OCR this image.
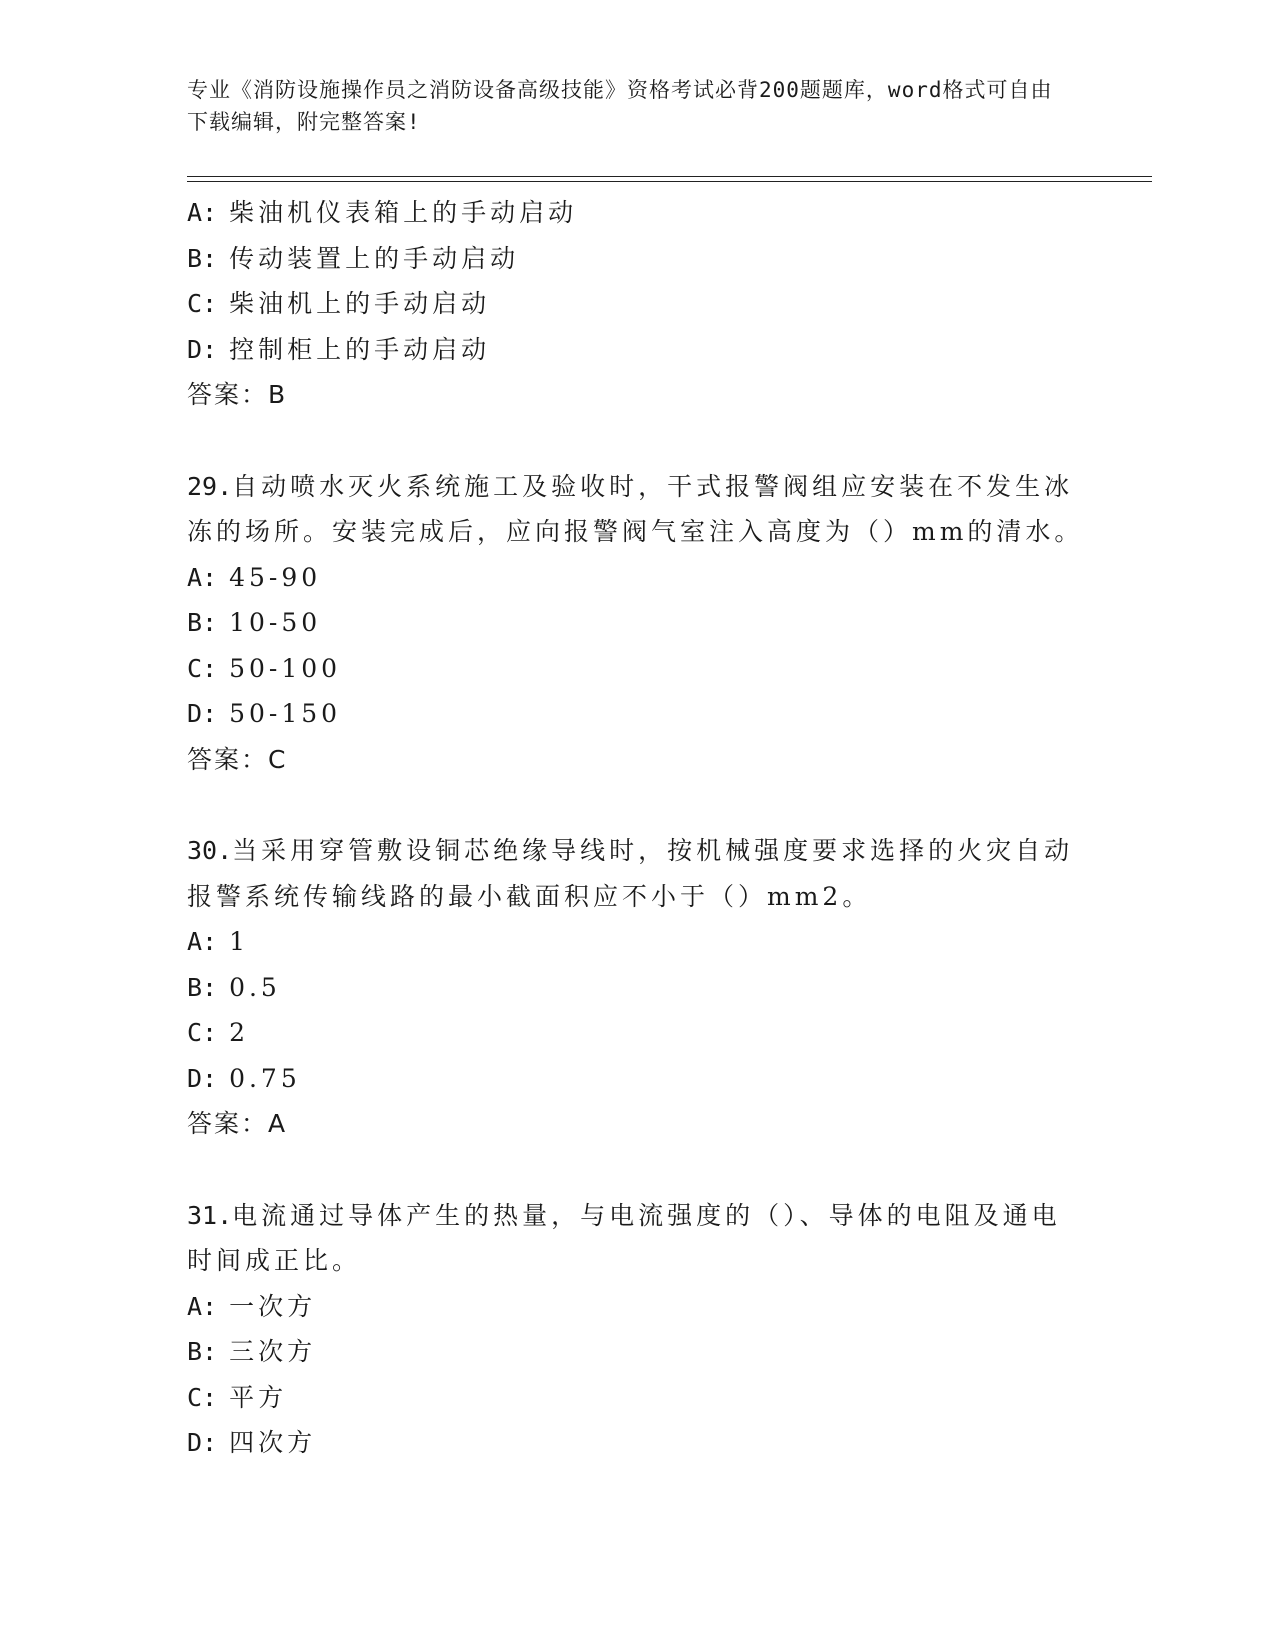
专业《消防设施操作员之消防设备高级技能》资格考试必背200题题库，word格式可自由下载编辑，附完整答案!
A: 柴油机仪表箱上的手动启动
B: 传动装置上的手动启动
C: 柴油机上的手动启动
D: 控制柜上的手动启动
答案：B
29.自动喷水灭火系统施工及验收时，干式报警阀组应安装在不发生冰冻的场所。安装完成后，应向报警阀气室注入高度为（）mm的清水。
A: 45-90
B: 10-50
C: 50-100
D: 50-150
答案：C
30.当采用穿管敷设铜芯绝缘导线时，按机械强度要求选择的火灾自动报警系统传输线路的最小截面积应不小于（）mm2。
A: 1
B: 0.5
C: 2
D: 0.75
答案：A
31.电流通过导体产生的热量，与电流强度的（）、导体的电阻及通电时间成正比。
A: 一次方
B: 三次方
C: 平方
D: 四次方
